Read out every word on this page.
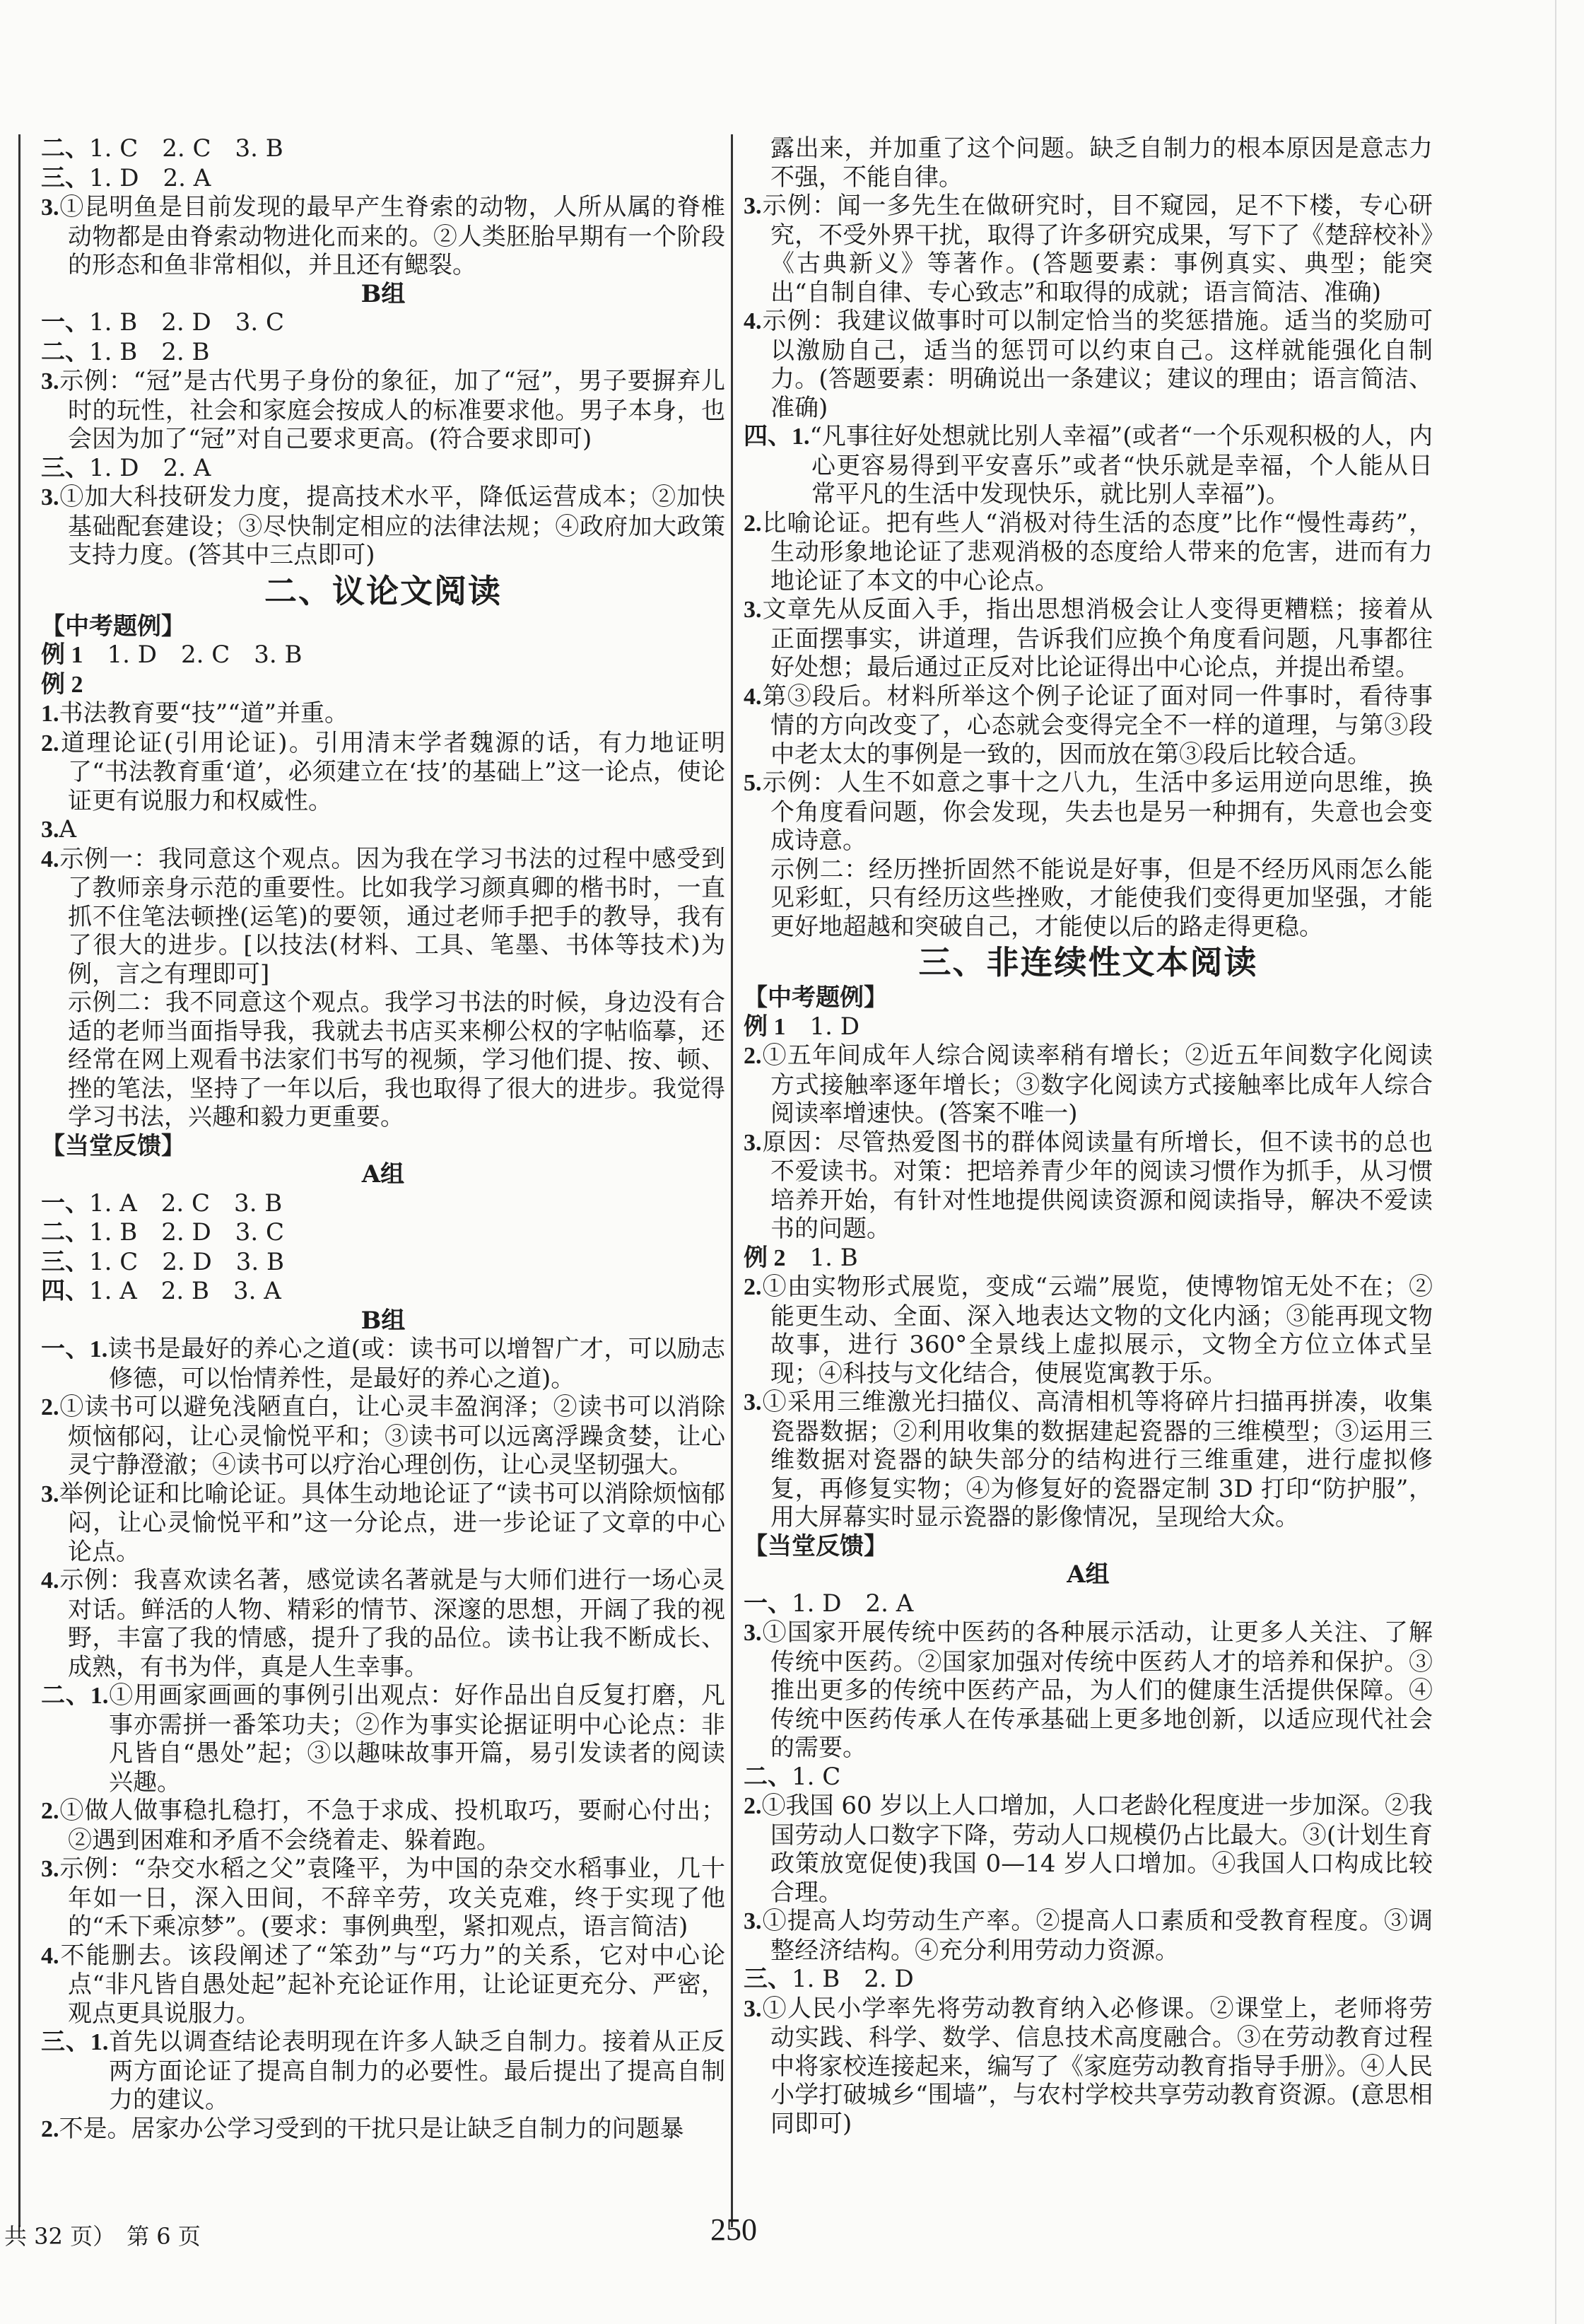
二、1. C　2. C　3. B
三、1. D　2. A
3.①昆明鱼是目前发现的最早产生脊索的动物，人所从属的脊椎动物都是由脊索动物进化而来的。②人类胚胎早期有一个阶段的形态和鱼非常相似，并且还有鳃裂。
B组
一、1. B　2. D　3. C
二、1. B　2. B
3.示例：“冠”是古代男子身份的象征，加了“冠”，男子要摒弃儿时的玩性，社会和家庭会按成人的标准要求他。男子本身，也会因为加了“冠”对自己要求更高。(符合要求即可)
三、1. D　2. A
3.①加大科技研发力度，提高技术水平，降低运营成本；②加快基础配套建设；③尽快制定相应的法律法规；④政府加大政策支持力度。(答其中三点即可)
二、议论文阅读
【中考题例】
例 1　1. D　2. C　3. B
例 2
1.书法教育要“技”“道”并重。
2.道理论证(引用论证)。引用清末学者魏源的话，有力地证明了“书法教育重‘道’，必须建立在‘技’的基础上”这一论点，使论证更有说服力和权威性。
3.A
4.示例一：我同意这个观点。因为我在学习书法的过程中感受到了教师亲身示范的重要性。比如我学习颜真卿的楷书时，一直抓不住笔法顿挫(运笔)的要领，通过老师手把手的教导，我有了很大的进步。[以技法(材料、工具、笔墨、书体等技术)为例，言之有理即可]
示例二：我不同意这个观点。我学习书法的时候，身边没有合适的老师当面指导我，我就去书店买来柳公权的字帖临摹，还经常在网上观看书法家们书写的视频，学习他们提、按、顿、挫的笔法，坚持了一年以后，我也取得了很大的进步。我觉得学习书法，兴趣和毅力更重要。
【当堂反馈】
A组
一、1. A　2. C　3. B
二、1. B　2. D　3. C
三、1. C　2. D　3. B
四、1. A　2. B　3. A
B组
一、1.读书是最好的养心之道(或：读书可以增智广才，可以励志修德，可以怡情养性，是最好的养心之道)。
2.①读书可以避免浅陋直白，让心灵丰盈润泽；②读书可以消除烦恼郁闷，让心灵愉悦平和；③读书可以远离浮躁贪婪，让心灵宁静澄澈；④读书可以疗治心理创伤，让心灵坚韧强大。
3.举例论证和比喻论证。具体生动地论证了“读书可以消除烦恼郁闷，让心灵愉悦平和”这一分论点，进一步论证了文章的中心论点。
4.示例：我喜欢读名著，感觉读名著就是与大师们进行一场心灵对话。鲜活的人物、精彩的情节、深邃的思想，开阔了我的视野，丰富了我的情感，提升了我的品位。读书让我不断成长、成熟，有书为伴，真是人生幸事。
二、1.①用画家画画的事例引出观点：好作品出自反复打磨，凡事亦需拼一番笨功夫；②作为事实论据证明中心论点：非凡皆自“愚处”起；③以趣味故事开篇，易引发读者的阅读兴趣。
2.①做人做事稳扎稳打，不急于求成、投机取巧，要耐心付出；②遇到困难和矛盾不会绕着走、躲着跑。
3.示例：“杂交水稻之父”袁隆平，为中国的杂交水稻事业，几十年如一日，深入田间，不辞辛劳，攻关克难，终于实现了他的“禾下乘凉梦”。(要求：事例典型，紧扣观点，语言简洁)
4.不能删去。该段阐述了“笨劲”与“巧力”的关系，它对中心论点“非凡皆自愚处起”起补充论证作用，让论证更充分、严密，观点更具说服力。
三、1.首先以调查结论表明现在许多人缺乏自制力。接着从正反两方面论证了提高自制力的必要性。最后提出了提高自制力的建议。
2.不是。居家办公学习受到的干扰只是让缺乏自制力的问题暴
露出来，并加重了这个问题。缺乏自制力的根本原因是意志力不强，不能自律。
3.示例：闻一多先生在做研究时，目不窥园，足不下楼，专心研究，不受外界干扰，取得了许多研究成果，写下了《楚辞校补》《古典新义》等著作。(答题要素：事例真实、典型；能突出“自制自律、专心致志”和取得的成就；语言简洁、准确)
4.示例：我建议做事时可以制定恰当的奖惩措施。适当的奖励可以激励自己，适当的惩罚可以约束自己。这样就能强化自制力。(答题要素：明确说出一条建议；建议的理由；语言简洁、准确)
四、1.“凡事往好处想就比别人幸福”(或者“一个乐观积极的人，内心更容易得到平安喜乐”或者“快乐就是幸福，个人能从日常平凡的生活中发现快乐，就比别人幸福”)。
2.比喻论证。把有些人“消极对待生活的态度”比作“慢性毒药”，生动形象地论证了悲观消极的态度给人带来的危害，进而有力地论证了本文的中心论点。
3.文章先从反面入手，指出思想消极会让人变得更糟糕；接着从正面摆事实，讲道理，告诉我们应换个角度看问题，凡事都往好处想；最后通过正反对比论证得出中心论点，并提出希望。
4.第③段后。材料所举这个例子论证了面对同一件事时，看待事情的方向改变了，心态就会变得完全不一样的道理，与第③段中老太太的事例是一致的，因而放在第③段后比较合适。
5.示例：人生不如意之事十之八九，生活中多运用逆向思维，换个角度看问题，你会发现，失去也是另一种拥有，失意也会变成诗意。
示例二：经历挫折固然不能说是好事，但是不经历风雨怎么能见彩虹，只有经历这些挫败，才能使我们变得更加坚强，才能更好地超越和突破自己，才能使以后的路走得更稳。
三、非连续性文本阅读
【中考题例】
例 1　1. D
2.①五年间成年人综合阅读率稍有增长；②近五年间数字化阅读方式接触率逐年增长；③数字化阅读方式接触率比成年人综合阅读率增速快。(答案不唯一)
3.原因：尽管热爱图书的群体阅读量有所增长，但不读书的总也不爱读书。对策：把培养青少年的阅读习惯作为抓手，从习惯培养开始，有针对性地提供阅读资源和阅读指导，解决不爱读书的问题。
例 2　1. B
2.①由实物形式展览，变成“云端”展览，使博物馆无处不在；②能更生动、全面、深入地表达文物的文化内涵；③能再现文物故事，进行 360°全景线上虚拟展示，文物全方位立体式呈现；④科技与文化结合，使展览寓教于乐。
3.①采用三维激光扫描仪、高清相机等将碎片扫描再拼凑，收集瓷器数据；②利用收集的数据建起瓷器的三维模型；③运用三维数据对瓷器的缺失部分的结构进行三维重建，进行虚拟修复，再修复实物；④为修复好的瓷器定制 3D 打印“防护服”，用大屏幕实时显示瓷器的影像情况，呈现给大众。
【当堂反馈】
A组
一、1. D　2. A
3.①国家开展传统中医药的各种展示活动，让更多人关注、了解传统中医药。②国家加强对传统中医药人才的培养和保护。③推出更多的传统中医药产品，为人们的健康生活提供保障。④传统中医药传承人在传承基础上更多地创新，以适应现代社会的需要。
二、1. C
2.①我国 60 岁以上人口增加，人口老龄化程度进一步加深。②我国劳动人口数字下降，劳动人口规模仍占比最大。③(计划生育政策放宽促使)我国 0—14 岁人口增加。④我国人口构成比较合理。
3.①提高人均劳动生产率。②提高人口素质和受教育程度。③调整经济结构。④充分利用劳动力资源。
三、1. B　2. D
3.①人民小学率先将劳动教育纳入必修课。②课堂上，老师将劳动实践、科学、数学、信息技术高度融合。③在劳动教育过程中将家校连接起来，编写了《家庭劳动教育指导手册》。④人民小学打破城乡“围墙”，与农村学校共享劳动教育资源。(意思相同即可)
共 32 页）　第 6 页	250
